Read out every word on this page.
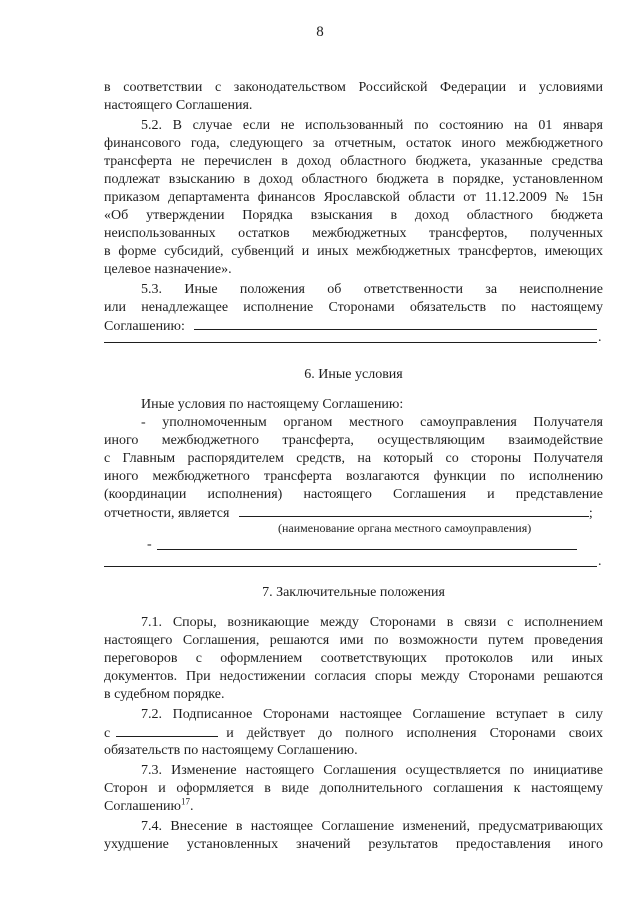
8
в соответствии с законодательством Российской Федерации и условиями
настоящего Соглашения.
5.2. В случае если не использованный по состоянию на 01 января
финансового года, следующего за отчетным, остаток иного межбюджетного
трансферта не перечислен в доход областного бюджета, указанные средства
подлежат взысканию в доход областного бюджета в порядке, установленном
приказом департамента финансов Ярославской области от 11.12.2009 № 15н
«Об утверждении Порядка взыскания в доход областного бюджета
неиспользованных остатков межбюджетных трансфертов, полученных
в форме субсидий, субвенций и иных межбюджетных трансфертов, имеющих
целевое назначение».
5.3. Иные положения об ответственности за неисполнение
или ненадлежащее исполнение Сторонами обязательств по настоящему
Соглашению:
.
6. Иные условия
Иные условия по настоящему Соглашению:
- уполномоченным органом местного самоуправления Получателя
иного межбюджетного трансферта, осуществляющим взаимодействие
с Главным распорядителем средств, на который со стороны Получателя
иного межбюджетного трансферта возлагаются функции по исполнению
(координации исполнения) настоящего Соглашения и представление
отчетности, является	;
(наименование органа местного самоуправления)
-
.
7. Заключительные положения
7.1. Споры, возникающие между Сторонами в связи с исполнением
настоящего Соглашения, решаются ими по возможности путем проведения
переговоров с оформлением соответствующих протоколов или иных
документов. При недостижении согласия споры между Сторонами решаются
в судебном порядке.
7.2. Подписанное Сторонами настоящее Соглашение вступает в силу
с	и действует до полного исполнения Сторонами своих
обязательств по настоящему Соглашению.
7.3. Изменение настоящего Соглашения осуществляется по инициативе
Сторон и оформляется в виде дополнительного соглашения к настоящему
Соглашению$^{17}$.
7.4. Внесение в настоящее Соглашение изменений, предусматривающих
ухудшение установленных значений результатов предоставления иного
